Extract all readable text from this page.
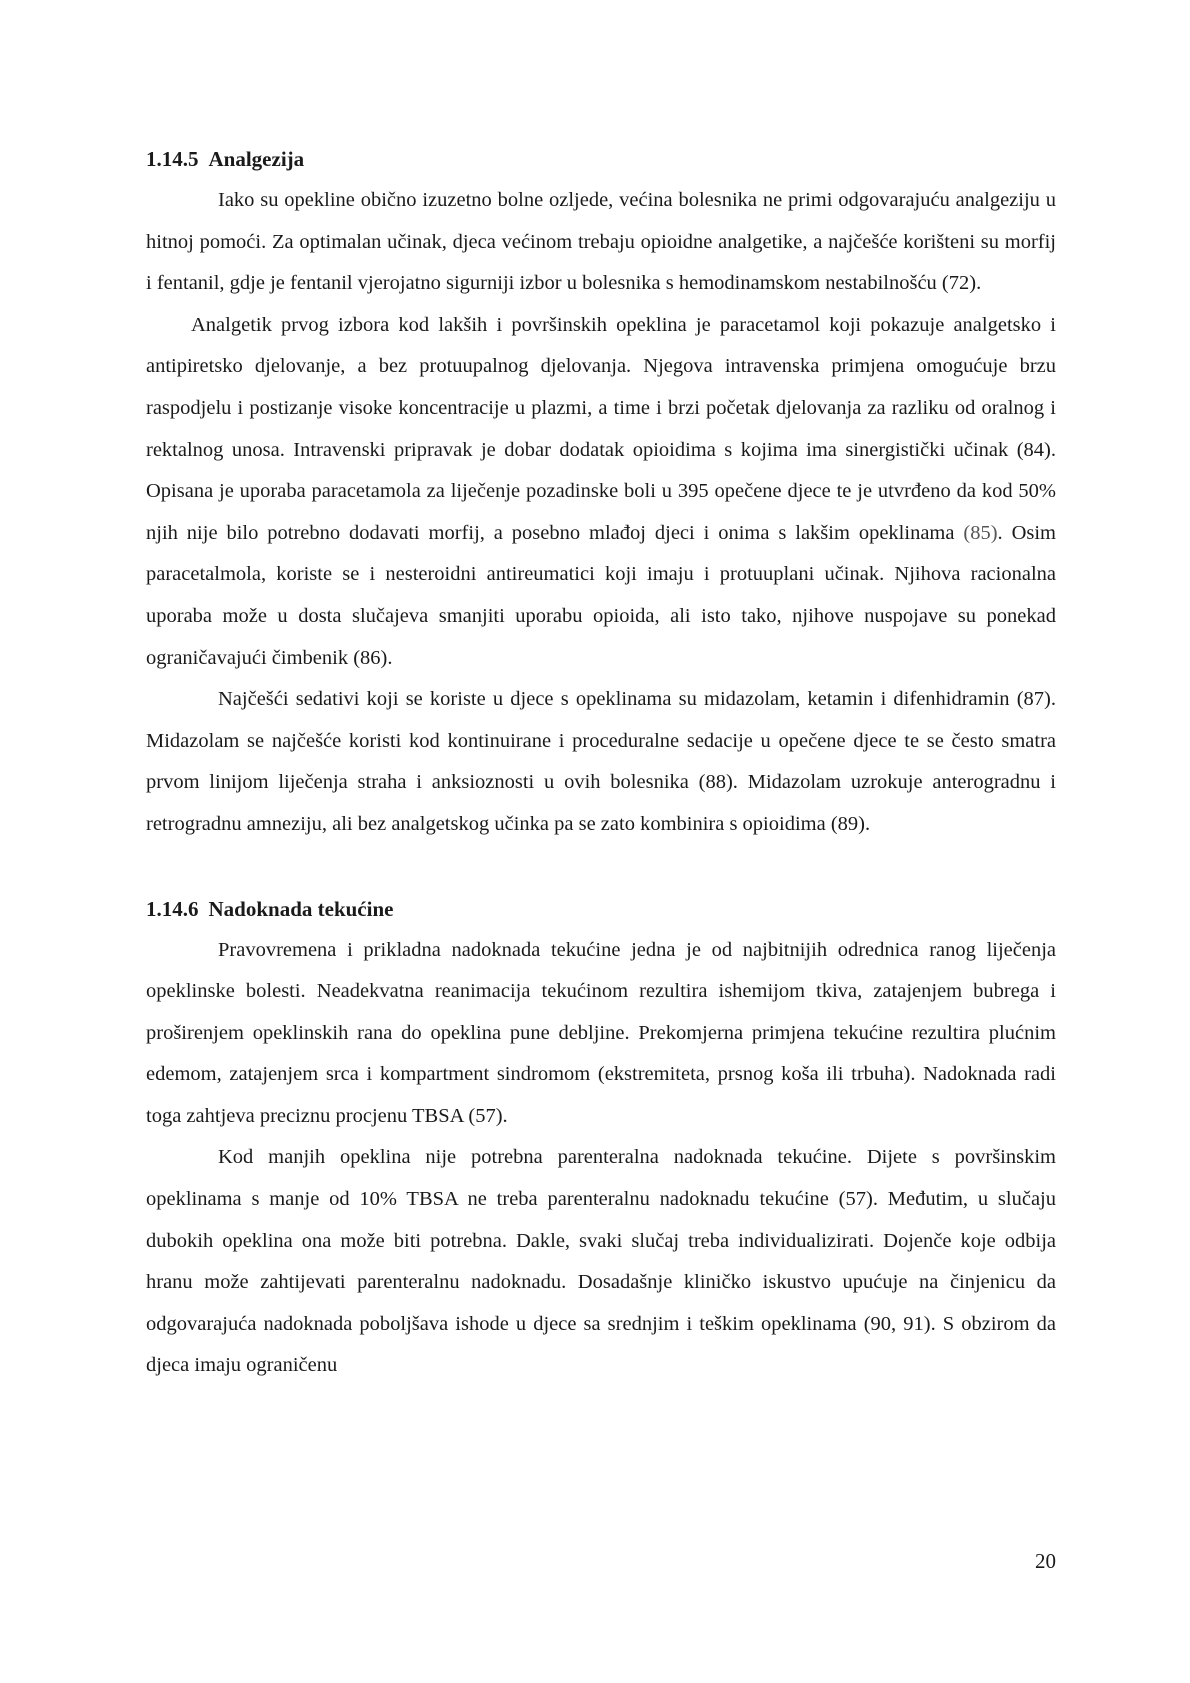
1.14.5 Analgezija

Iako su opekline obično izuzetno bolne ozljede, većina bolesnika ne primi odgovarajuću analgeziju u hitnoj pomoći. Za optimalan učinak, djeca većinom trebaju opioidne analgetike, a najčešće korišteni su morfij i fentanil, gdje je fentanil vjerojatno sigurniji izbor u bolesnika s hemodinamskom nestabilnošću (72).

Analgetik prvog izbora kod lakših i površinskih opeklina je paracetamol koji pokazuje analgetsko i antipiretsko djelovanje, a bez protuupalnog djelovanja. Njegova intravenska primjena omogućuje brzu raspodjelu i postizanje visoke koncentracije u plazmi, a time i brzi početak djelovanja za razliku od oralnog i rektalnog unosa. Intravenski pripravak je dobar dodatak opioidima s kojima ima sinergistički učinak (84). Opisana je uporaba paracetamola za liječenje pozadinske boli u 395 opečene djece te je utvrđeno da kod 50% njih nije bilo potrebno dodavati morfij, a posebno mlađoj djeci i onima s lakšim opeklinama (85). Osim paracetalmola, koriste se i nesteroidni antireumatici koji imaju i protuuplani učinak. Njihova racionalna uporaba može u dosta slučajeva smanjiti uporabu opioida, ali isto tako, njihove nuspojave su ponekad ograničavajući čimbenik (86).

Najčešći sedativi koji se koriste u djece s opeklinama su midazolam, ketamin i difenhidramin (87). Midazolam se najčešće koristi kod kontinuirane i proceduralne sedacije u opečene djece te se često smatra prvom linijom liječenja straha i anksioznosti u ovih bolesnika (88). Midazolam uzrokuje anterogradnu i retrogradnu amneziju, ali bez analgetskog učinka pa se zato kombinira s opioidima (89).

1.14.6 Nadoknada tekućine

Pravovremena i prikladna nadoknada tekućine jedna je od najbitnijih odrednica ranog liječenja opeklinske bolesti. Neadekvatna reanimacija tekućinom rezultira ishemijom tkiva, zatajenjem bubrega i proširenjem opeklinskih rana do opeklina pune debljine. Prekomjerna primjena tekućine rezultira plućnim edemom, zatajenjem srca i kompartment sindromom (ekstremiteta, prsnog koša ili trbuha). Nadoknada radi toga zahtjeva preciznu procjenu TBSA (57).

Kod manjih opeklina nije potrebna parenteralna nadoknada tekućine. Dijete s površinskim opeklinama s manje od 10% TBSA ne treba parenteralnu nadoknadu tekućine (57). Međutim, u slučaju dubokih opeklina ona može biti potrebna. Dakle, svaki slučaj treba individualizirati. Dojenče koje odbija hranu može zahtijevati parenteralnu nadoknadu. Dosadašnje kliničko iskustvo upućuje na činjenicu da odgovarajuća nadoknada poboljšava ishode u djece sa srednjim i teškim opeklinama (90, 91). S obzirom da djeca imaju ograničenu

20
